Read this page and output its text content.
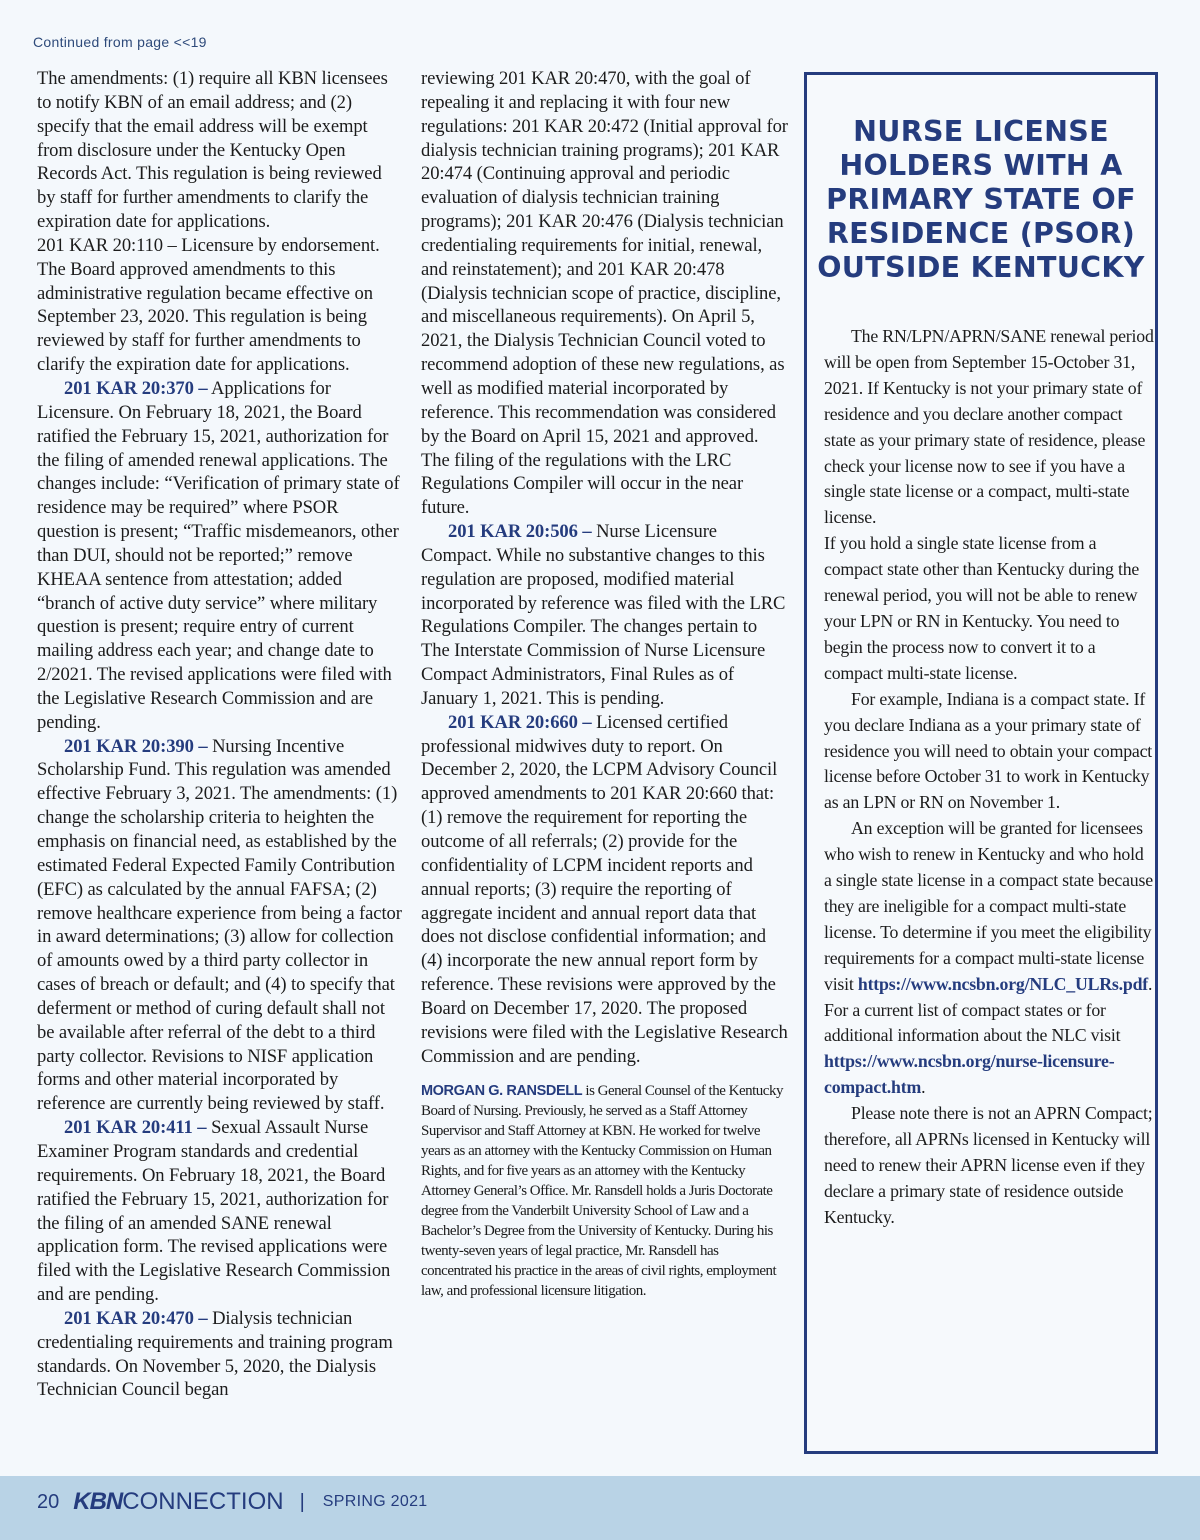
Continued from page <<19

The amendments: (1) require all KBN licensees to notify KBN of an email address; and (2) specify that the email address will be exempt from disclosure under the Kentucky Open Records Act. This regulation is being reviewed by staff for further amendments to clarify the expiration date for applications.

201 KAR 20:110 – Licensure by endorsement. The Board approved amendments to this administrative regulation became effective on September 23, 2020. This regulation is being reviewed by staff for further amendments to clarify the expiration date for applications.

201 KAR 20:370 – Applications for Licensure. On February 18, 2021, the Board ratified the February 15, 2021, authorization for the filing of amended renewal applications. The changes include: “Verification of primary state of residence may be required” where PSOR question is present; “Traffic misdemeanors, other than DUI, should not be reported;” remove KHEAA sentence from attestation; added “branch of active duty service” where military question is present; require entry of current mailing address each year; and change date to 2/2021. The revised applications were filed with the Legislative Research Commission and are pending.

201 KAR 20:390 – Nursing Incentive Scholarship Fund. This regulation was amended effective February 3, 2021. The amendments: (1) change the scholarship criteria to heighten the emphasis on financial need, as established by the estimated Federal Expected Family Contribution (EFC) as calculated by the annual FAFSA; (2) remove healthcare experience from being a factor in award determinations; (3) allow for collection of amounts owed by a third party collector in cases of breach or default; and (4) to specify that deferment or method of curing default shall not be available after referral of the debt to a third party collector. Revisions to NISF application forms and other material incorporated by reference are currently being reviewed by staff.

201 KAR 20:411 – Sexual Assault Nurse Examiner Program standards and credential requirements. On February 18, 2021, the Board ratified the February 15, 2021, authorization for the filing of an amended SANE renewal application form. The revised applications were filed with the Legislative Research Commission and are pending.

201 KAR 20:470 – Dialysis technician credentialing requirements and training program standards. On November 5, 2020, the Dialysis Technician Council began

reviewing 201 KAR 20:470, with the goal of repealing it and replacing it with four new regulations: 201 KAR 20:472 (Initial approval for dialysis technician training programs); 201 KAR 20:474 (Continuing approval and periodic evaluation of dialysis technician training programs); 201 KAR 20:476 (Dialysis technician credentialing requirements for initial, renewal, and reinstatement); and 201 KAR 20:478 (Dialysis technician scope of practice, discipline, and miscellaneous requirements). On April 5, 2021, the Dialysis Technician Council voted to recommend adoption of these new regulations, as well as modified material incorporated by reference. This recommendation was considered by the Board on April 15, 2021 and approved. The filing of the regulations with the LRC Regulations Compiler will occur in the near future.

201 KAR 20:506 – Nurse Licensure Compact. While no substantive changes to this regulation are proposed, modified material incorporated by reference was filed with the LRC Regulations Compiler. The changes pertain to The Interstate Commission of Nurse Licensure Compact Administrators, Final Rules as of January 1, 2021. This is pending.

201 KAR 20:660 – Licensed certified professional midwives duty to report. On December 2, 2020, the LCPM Advisory Council approved amendments to 201 KAR 20:660 that: (1) remove the requirement for reporting the outcome of all referrals; (2) provide for the confidentiality of LCPM incident reports and annual reports; (3) require the reporting of aggregate incident and annual report data that does not disclose confidential information; and (4) incorporate the new annual report form by reference. These revisions were approved by the Board on December 17, 2020. The proposed revisions were filed with the Legislative Research Commission and are pending.

MORGAN G. RANSDELL is General Counsel of the Kentucky Board of Nursing. Previously, he served as a Staff Attorney Supervisor and Staff Attorney at KBN. He worked for twelve years as an attorney with the Kentucky Commission on Human Rights, and for five years as an attorney with the Kentucky Attorney General’s Office. Mr. Ransdell holds a Juris Doctorate degree from the Vanderbilt University School of Law and a Bachelor’s Degree from the University of Kentucky. During his twenty-seven years of legal practice, Mr. Ransdell has concentrated his practice in the areas of civil rights, employment law, and professional licensure litigation.

NURSE LICENSE HOLDERS WITH A PRIMARY STATE OF RESIDENCE (PSOR) OUTSIDE KENTUCKY

The RN/LPN/APRN/SANE renewal period will be open from September 15-October 31, 2021. If Kentucky is not your primary state of residence and you declare another compact state as your primary state of residence, please check your license now to see if you have a single state license or a compact, multi-state license.

If you hold a single state license from a compact state other than Kentucky during the renewal period, you will not be able to renew your LPN or RN in Kentucky. You need to begin the process now to convert it to a compact multi-state license.

For example, Indiana is a compact state. If you declare Indiana as a your primary state of residence you will need to obtain your compact license before October 31 to work in Kentucky as an LPN or RN on November 1.

An exception will be granted for licensees who wish to renew in Kentucky and who hold a single state license in a compact state because they are ineligible for a compact multi-state license. To determine if you meet the eligibility requirements for a compact multi-state license visit https://www.ncsbn.org/NLC_ULRs.pdf. For a current list of compact states or for additional information about the NLC visit https://www.ncsbn.org/nurse-licensure-compact.htm.

Please note there is not an APRN Compact; therefore, all APRNs licensed in Kentucky will need to renew their APRN license even if they declare a primary state of residence outside Kentucky.

20 KBNCONNECTION | SPRING 2021
